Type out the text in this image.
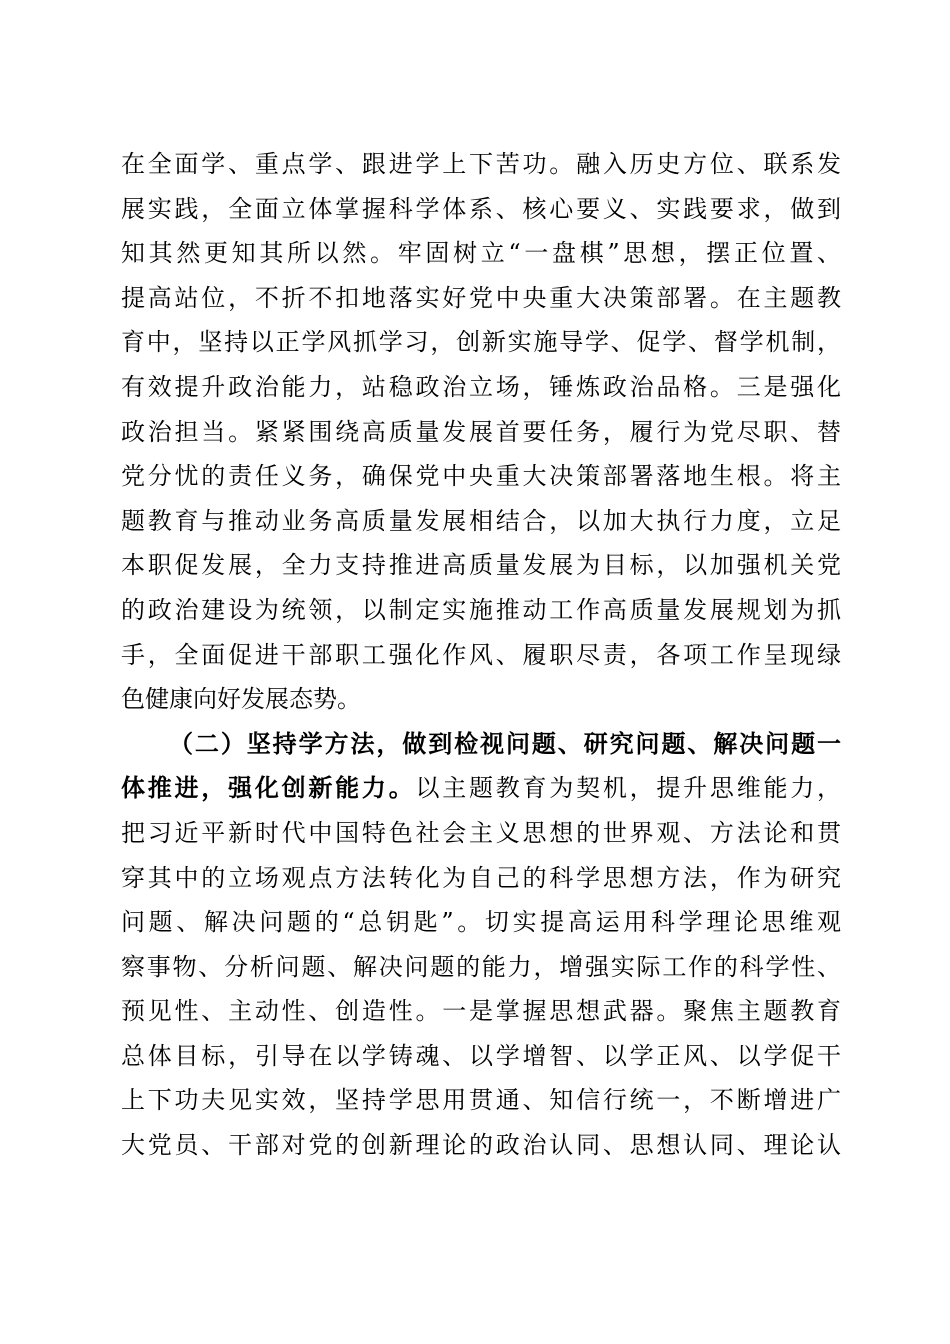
在全面学、重点学、跟进学上下苦功。融入历史方位、联系发
展实践，全面立体掌握科学体系、核心要义、实践要求，做到
知其然更知其所以然。牢固树立“一盘棋”思想，摆正位置、
提高站位，不折不扣地落实好党中央重大决策部署。在主题教
育中，坚持以正学风抓学习，创新实施导学、促学、督学机制，
有效提升政治能力，站稳政治立场，锤炼政治品格。三是强化
政治担当。紧紧围绕高质量发展首要任务，履行为党尽职、替
党分忧的责任义务，确保党中央重大决策部署落地生根。将主
题教育与推动业务高质量发展相结合，以加大执行力度，立足
本职促发展，全力支持推进高质量发展为目标，以加强机关党
的政治建设为统领，以制定实施推动工作高质量发展规划为抓
手，全面促进干部职工强化作风、履职尽责，各项工作呈现绿
色健康向好发展态势。
（二）坚持学方法，做到检视问题、研究问题、解决问题一
体推进，强化创新能力。以主题教育为契机，提升思维能力，
把习近平新时代中国特色社会主义思想的世界观、方法论和贯
穿其中的立场观点方法转化为自己的科学思想方法，作为研究
问题、解决问题的“总钥匙”。切实提高运用科学理论思维观
察事物、分析问题、解决问题的能力，增强实际工作的科学性、
预见性、主动性、创造性。一是掌握思想武器。聚焦主题教育
总体目标，引导在以学铸魂、以学增智、以学正风、以学促干
上下功夫见实效，坚持学思用贯通、知信行统一，不断增进广
大党员、干部对党的创新理论的政治认同、思想认同、理论认
